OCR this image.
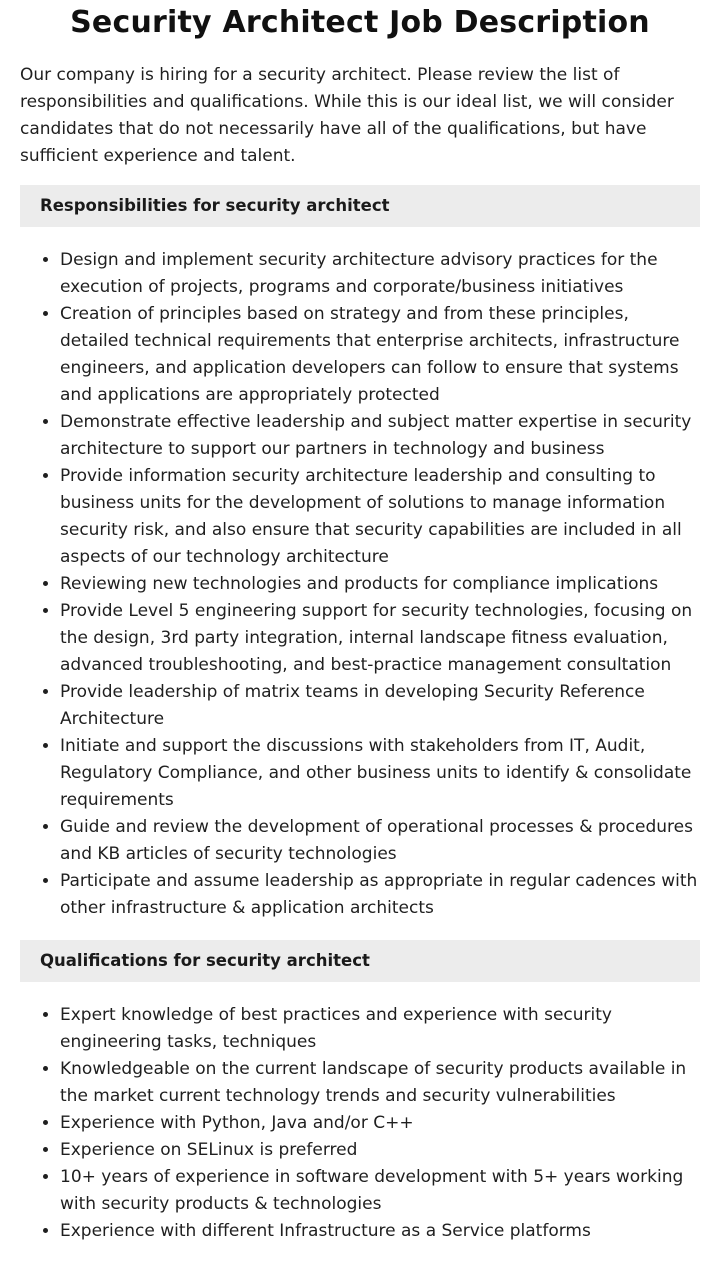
Security Architect Job Description

Our company is hiring for a security architect. Please review the list of responsibilities and qualifications. While this is our ideal list, we will consider candidates that do not necessarily have all of the qualifications, but have sufficient experience and talent.

Responsibilities for security architect
• Design and implement security architecture advisory practices for the execution of projects, programs and corporate/business initiatives
• Creation of principles based on strategy and from these principles, detailed technical requirements that enterprise architects, infrastructure engineers, and application developers can follow to ensure that systems and applications are appropriately protected
• Demonstrate effective leadership and subject matter expertise in security architecture to support our partners in technology and business
• Provide information security architecture leadership and consulting to business units for the development of solutions to manage information security risk, and also ensure that security capabilities are included in all aspects of our technology architecture
• Reviewing new technologies and products for compliance implications
• Provide Level 5 engineering support for security technologies, focusing on the design, 3rd party integration, internal landscape fitness evaluation, advanced troubleshooting, and best-practice management consultation
• Provide leadership of matrix teams in developing Security Reference Architecture
• Initiate and support the discussions with stakeholders from IT, Audit, Regulatory Compliance, and other business units to identify & consolidate requirements
• Guide and review the development of operational processes & procedures and KB articles of security technologies
• Participate and assume leadership as appropriate in regular cadences with other infrastructure & application architects
Qualifications for security architect
• Expert knowledge of best practices and experience with security engineering tasks, techniques
• Knowledgeable on the current landscape of security products available in the market current technology trends and security vulnerabilities
• Experience with Python, Java and/or C++
• Experience on SELinux is preferred
• 10+ years of experience in software development with 5+ years working with security products & technologies
• Experience with different Infrastructure as a Service platforms
